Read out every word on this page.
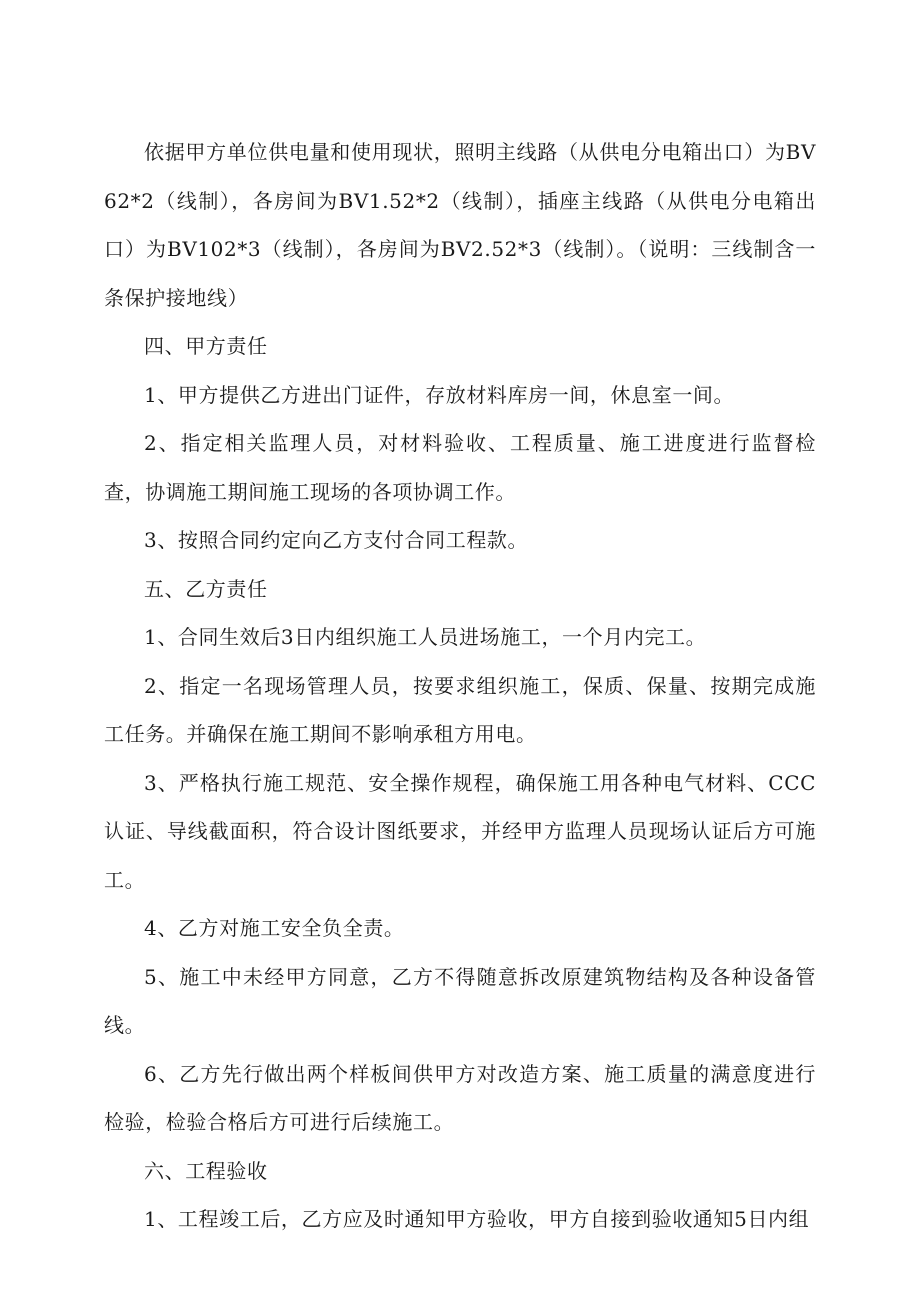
依据甲方单位供电量和使用现状，照明主线路（从供电分电箱出口）为BV62*2（线制），各房间为BV1.52*2（线制），插座主线路（从供电分电箱出口）为BV102*3（线制），各房间为BV2.52*3（线制）。（说明：三线制含一条保护接地线）

四、甲方责任

1、甲方提供乙方进出门证件，存放材料库房一间，休息室一间。

2、指定相关监理人员，对材料验收、工程质量、施工进度进行监督检查，协调施工期间施工现场的各项协调工作。

3、按照合同约定向乙方支付合同工程款。

五、乙方责任

1、合同生效后3日内组织施工人员进场施工，一个月内完工。

2、指定一名现场管理人员，按要求组织施工，保质、保量、按期完成施工任务。并确保在施工期间不影响承租方用电。

3、严格执行施工规范、安全操作规程，确保施工用各种电气材料、CCC认证、导线截面积，符合设计图纸要求，并经甲方监理人员现场认证后方可施工。

4、乙方对施工安全负全责。

5、施工中未经甲方同意，乙方不得随意拆改原建筑物结构及各种设备管线。

6、乙方先行做出两个样板间供甲方对改造方案、施工质量的满意度进行检验，检验合格后方可进行后续施工。

六、工程验收

1、工程竣工后，乙方应及时通知甲方验收，甲方自接到验收通知5日内组
